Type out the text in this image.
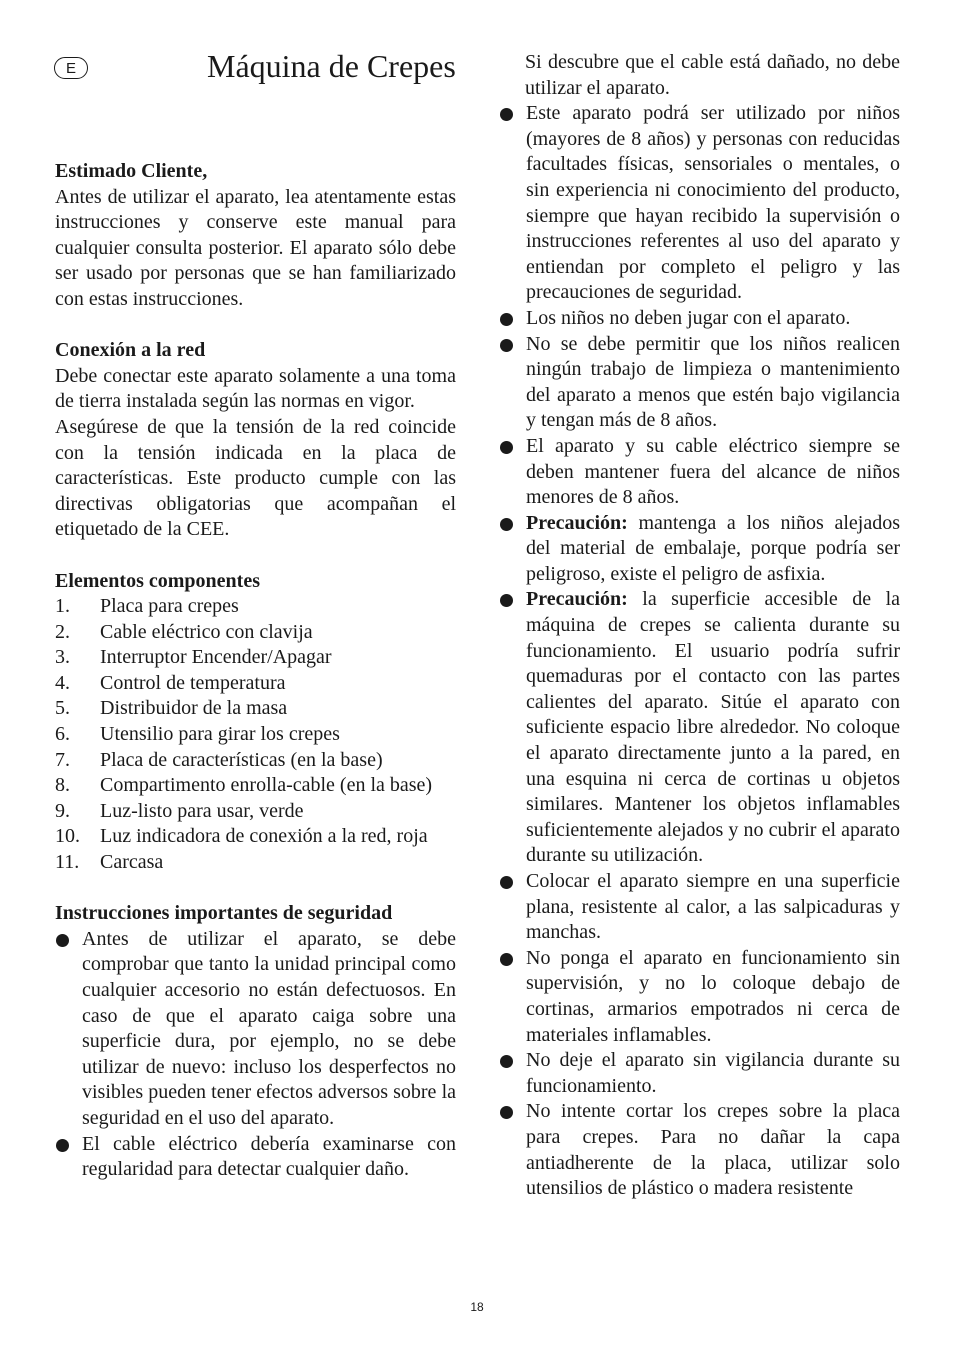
E	Máquina de Crepes
Estimado Cliente,

Antes de utilizar el aparato, lea atentamente estas instrucciones y conserve este manual para cualquier consulta posterior. El aparato sólo debe ser usado por personas que se han familiarizado con estas instrucciones.

Conexión a la red

Debe conectar este aparato solamente a una toma de tierra instalada según las normas en vigor.

Asegúrese de que la tensión de la red coincide con la tensión indicada en la placa de características. Este producto cumple con las directivas obligatorias que acompañan el etiquetado de la CEE.

Elementos componentes
1.	Placa para crepes
2.	Cable eléctrico con clavija
3.	Interruptor Encender/Apagar
4.	Control de temperatura
5.	Distribuidor de la masa
6.	Utensilio para girar los crepes
7.	Placa de características (en la base)
8.	Compartimento enrolla-cable (en la base)
9.	Luz-listo para usar, verde
10.	Luz indicadora de conexión a la red, roja
11.	Carcasa
Instrucciones importantes de seguridad
Antes de utilizar el aparato, se debe comprobar que tanto la unidad principal como cualquier accesorio no están defectuosos. En caso de que el aparato caiga sobre una superficie dura, por ejemplo, no se debe utilizar de nuevo: incluso los desperfectos no visibles pueden tener efectos adversos sobre la seguridad en el uso del aparato.
El cable eléctrico debería examinarse con regularidad para detectar cualquier daño.

Si descubre que el cable está dañado, no debe utilizar el aparato.

Este aparato podrá ser utilizado por niños (mayores de 8 años) y personas con reducidas facultades físicas, sensoriales o mentales, o sin experiencia ni conocimiento del producto, siempre que hayan recibido la supervisión o instrucciones referentes al uso del aparato y entiendan por completo el peligro y las precauciones de seguridad.
Los niños no deben jugar con el aparato.
No se debe permitir que los niños realicen ningún trabajo de limpieza o mantenimiento del aparato a menos que estén bajo vigilancia y tengan más de 8 años.
El aparato y su cable eléctrico siempre se deben mantener fuera del alcance de niños menores de 8 años.
Precaución: mantenga a los niños alejados del material de embalaje, porque podría ser peligroso, existe el peligro de asfixia.
Precaución: la superficie accesible de la máquina de crepes se calienta durante su funcionamiento. El usuario podría sufrir quemaduras por el contacto con las partes calientes del aparato. Sitúe el aparato con suficiente espacio libre alrededor. No coloque el aparato directamente junto a la pared, en una esquina ni cerca de cortinas u objetos similares. Mantener los objetos inflamables suficientemente alejados y no cubrir el aparato durante su utilización.
Colocar el aparato siempre en una superficie plana, resistente al calor, a las salpicaduras y manchas.
No ponga el aparato en funcionamiento sin supervisión, y no lo coloque debajo de cortinas, armarios empotrados ni cerca de materiales inflamables.
No deje el aparato sin vigilancia durante su funcionamiento.
No intente cortar los crepes sobre la placa para crepes. Para no dañar la capa antiadherente de la placa, utilizar solo utensilios de plástico o madera resistente
18
